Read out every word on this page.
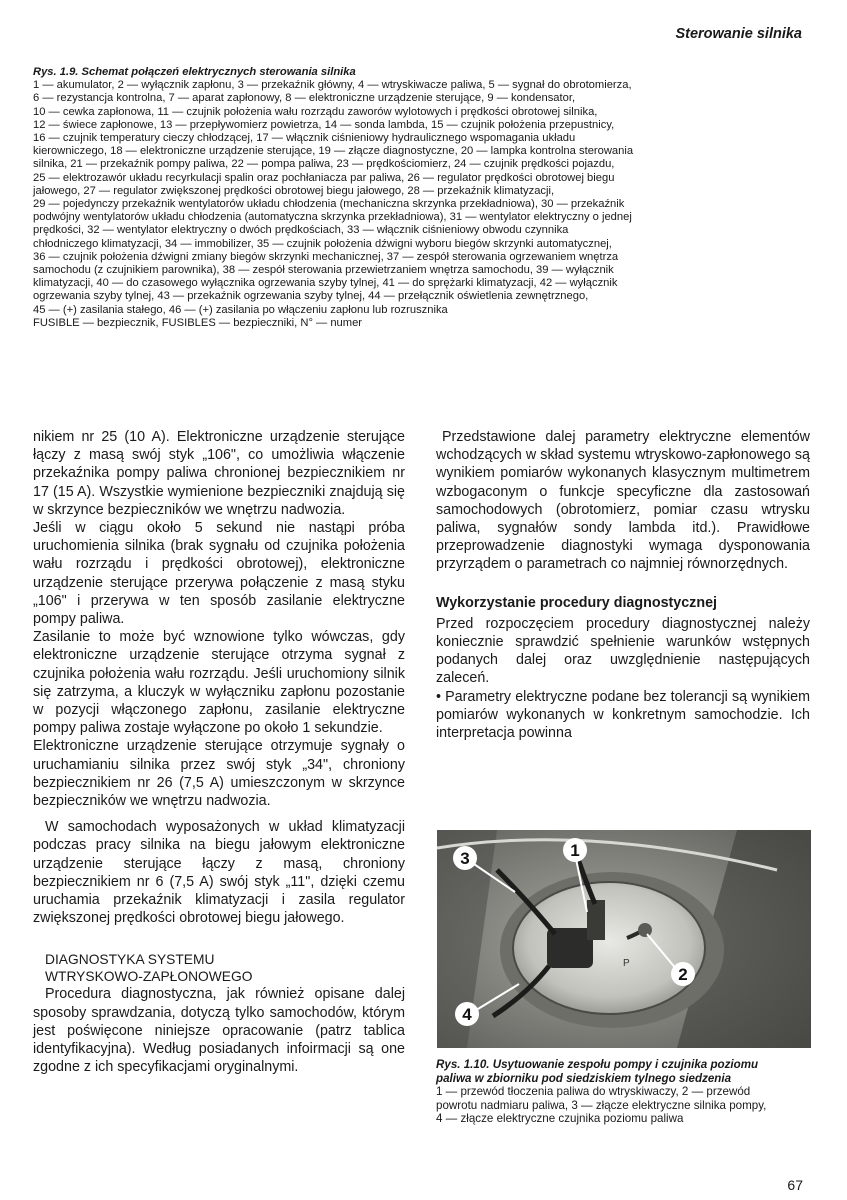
Sterowanie silnika

Rys. 1.9. Schemat połączeń elektrycznych sterowania silnika

1 — akumulator, 2 — wyłącznik zapłonu, 3 — przekaźnik główny, 4 — wtryskiwacze paliwa, 5 — sygnał do obrotomierza,

6 — rezystancja kontrolna, 7 — aparat zapłonowy, 8 — elektroniczne urządzenie sterujące, 9 — kondensator,

10 — cewka zapłonowa, 11 — czujnik położenia wału rozrządu zaworów wylotowych i prędkości obrotowej silnika,

12 — świece zapłonowe, 13 — przepływomierz powietrza, 14 — sonda lambda, 15 — czujnik położenia przepustnicy,

16 — czujnik temperatury cieczy chłodzącej, 17 — włącznik ciśnieniowy hydraulicznego wspomagania układu

kierowniczego, 18 — elektroniczne urządzenie sterujące, 19 — złącze diagnostyczne, 20 — lampka kontrolna sterowania

silnika, 21 — przekaźnik pompy paliwa, 22 — pompa paliwa, 23 — prędkościomierz, 24 — czujnik prędkości pojazdu,

25 — elektrozawór układu recyrkulacji spalin oraz pochłaniacza par paliwa, 26 — regulator prędkości obrotowej biegu

jałowego, 27 — regulator zwiększonej prędkości obrotowej biegu jałowego, 28 — przekaźnik klimatyzacji,

29 — pojedynczy przekaźnik wentylatorów układu chłodzenia (mechaniczna skrzynka przekładniowa), 30 — przekaźnik

podwójny wentylatorów układu chłodzenia (automatyczna skrzynka przekładniowa), 31 — wentylator elektryczny o jednej

prędkości, 32 — wentylator elektryczny o dwóch prędkościach, 33 — włącznik ciśnieniowy obwodu czynnika

chłodniczego klimatyzacji, 34 — immobilizer, 35 — czujnik położenia dźwigni wyboru biegów skrzynki automatycznej,

36 — czujnik położenia dźwigni zmiany biegów skrzynki mechanicznej, 37 — zespół sterowania ogrzewaniem wnętrza

samochodu (z czujnikiem parownika), 38 — zespół sterowania przewietrzaniem wnętrza samochodu, 39 — wyłącznik

klimatyzacji, 40 — do czasowego wyłącznika ogrzewania szyby tylnej, 41 — do sprężarki klimatyzacji, 42 — wyłącznik

ogrzewania szyby tylnej, 43 — przekaźnik ogrzewania szyby tylnej, 44 — przełącznik oświetlenia zewnętrznego,

45 — (+) zasilania stałego, 46 — (+) zasilania po włączeniu zapłonu lub rozrusznika

FUSIBLE — bezpiecznik, FUSIBLES — bezpieczniki, N° — numer

nikiem nr 25 (10 A). Elektroniczne urządzenie sterujące łączy z masą swój styk „106", co umożliwia włączenie przekaźnika pompy paliwa chronionej bezpiecznikiem nr 17 (15 A). Wszystkie wymienione bezpieczniki znajdują się w skrzynce bezpieczników we wnętrzu nadwozia.

Jeśli w ciągu około 5 sekund nie nastąpi próba uruchomienia silnika (brak sygnału od czujnika położenia wału rozrządu i prędkości obrotowej), elektroniczne urządzenie sterujące przerywa połączenie z masą styku „106" i przerywa w ten sposób zasilanie elektryczne pompy paliwa.

Zasilanie to może być wznowione tylko wówczas, gdy elektroniczne urządzenie sterujące otrzyma sygnał z czujnika położenia wału rozrządu. Jeśli uruchomiony silnik się zatrzyma, a kluczyk w wyłączniku zapłonu pozostanie w pozycji włączonego zapłonu, zasilanie elektryczne pompy paliwa zostaje wyłączone po około 1 sekundzie.

Elektroniczne urządzenie sterujące otrzymuje sygnały o uruchamianiu silnika przez swój styk „34", chroniony bezpiecznikiem nr 26 (7,5 A) umieszczonym w skrzynce bezpieczników we wnętrzu nadwozia.

W samochodach wyposażonych w układ klimatyzacji podczas pracy silnika na biegu jałowym elektroniczne urządzenie sterujące łączy z masą, chroniony bezpiecznikiem nr 6 (7,5 A) swój styk „11", dzięki czemu uruchamia przekaźnik klimatyzacji i zasila regulator zwiększonej prędkości obrotowej biegu jałowego.

DIAGNOSTYKA SYSTEMU
WTRYSKOWO-ZAPŁONOWEGO

Procedura diagnostyczna, jak również opisane dalej sposoby sprawdzania, dotyczą tylko samochodów, którym jest poświęcone niniejsze opracowanie (patrz tablica identyfikacyjna). Według posiadanych infoirmacji są one zgodne z ich specyfikacjami oryginalnymi.

Przedstawione dalej parametry elektryczne elementów wchodzących w skład systemu wtryskowo-zapłonowego są wynikiem pomiarów wykonanych klasycznym multimetrem wzbogaconym o funkcje specyficzne dla zastosowań samochodowych (obrotomierz, pomiar czasu wtrysku paliwa, sygnałów sondy lambda itd.). Prawidłowe przeprowadzenie diagnostyki wymaga dysponowania przyrządem o parametrach co najmniej równorzędnych.

Wykorzystanie procedury diagnostycznej

Przed rozpoczęciem procedury diagnostycznej należy koniecznie sprawdzić spełnienie warunków wstępnych podanych dalej oraz uwzględnienie następujących zaleceń.

• Parametry elektryczne podane bez tolerancji są wynikiem pomiarów wykonanych w konkretnym samochodzie. Ich interpretacja powinna

3	1
2
4
P

Rys. 1.10. Usytuowanie zespołu pompy i czujnika poziomu paliwa w zbiorniku pod siedziskiem tylnego siedzenia

1 — przewód tłoczenia paliwa do wtryskiwaczy, 2 — przewód powrotu nadmiaru paliwa, 3 — złącze elektryczne silnika pompy, 4 — złącze elektryczne czujnika poziomu paliwa

67
